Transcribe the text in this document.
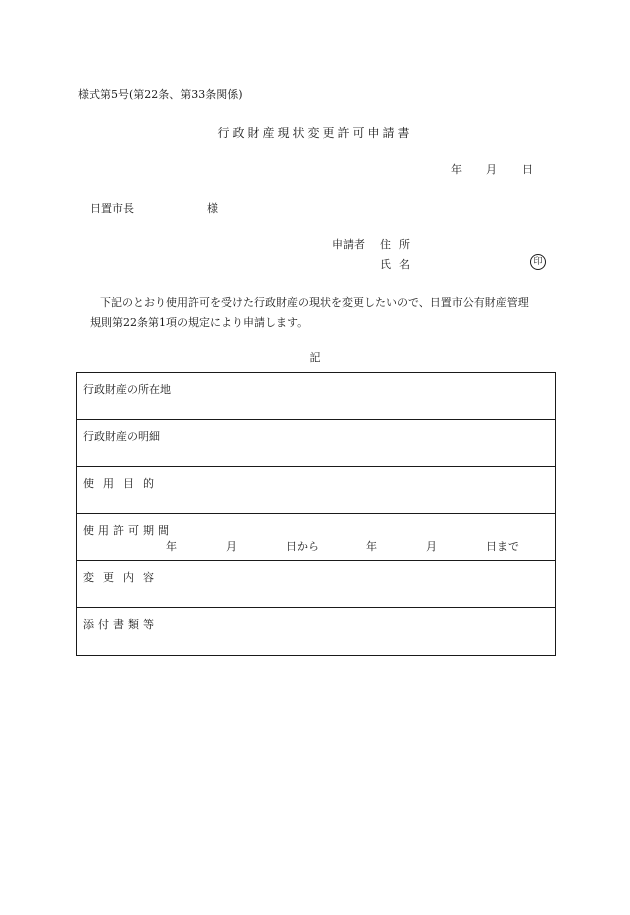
様式第5号(第22条、第33条関係)
行政財産現状変更許可申請書
年 月 日
日置市長	様
申請者 住所
氏名	印
下記のとおり使用許可を受けた行政財産の現状を変更したいので、日置市公有財産管理
規則第22条第1項の規定により申請します。
記
行政財産の所在地
行政財産の明細
使用目的
使用許可期間
年	月	日から	年	月	日まで
変更内容
添付書類等
